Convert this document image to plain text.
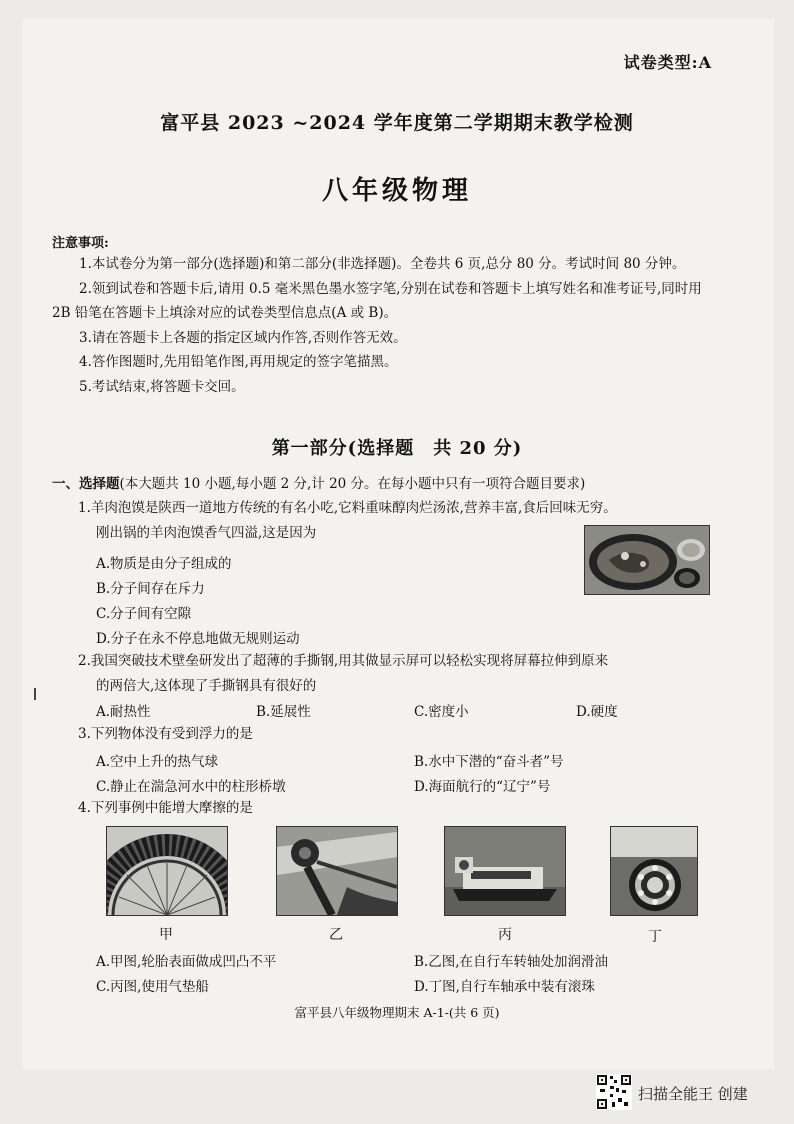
试卷类型:A
富平县 2023 ~2024 学年度第二学期期末教学检测
八年级物理
注意事项:
1.本试卷分为第一部分(选择题)和第二部分(非选择题)。全卷共 6 页,总分 80 分。考试时间 80 分钟。
2.领到试卷和答题卡后,请用 0.5 毫米黑色墨水签字笔,分别在试卷和答题卡上填写姓名和准考证号,同时用 2B 铅笔在答题卡上填涂对应的试卷类型信息点(A 或 B)。
3.请在答题卡上各题的指定区域内作答,否则作答无效。
4.答作图题时,先用铅笔作图,再用规定的签字笔描黑。
5.考试结束,将答题卡交回。
第一部分(选择题　共 20 分)
一、选择题(本大题共 10 小题,每小题 2 分,计 20 分。在每小题中只有一项符合题目要求)
1.羊肉泡馍是陕西一道地方传统的有名小吃,它料重味醇肉烂汤浓,营养丰富,食后回味无穷。
刚出锅的羊肉泡馍香气四溢,这是因为
A.物质是由分子组成的
B.分子间存在斥力
C.分子间有空隙
D.分子在永不停息地做无规则运动
2.我国突破技术壁垒研发出了超薄的手撕钢,用其做显示屏可以轻松实现将屏幕拉伸到原来
的两倍大,这体现了手撕钢具有很好的
A.耐热性	B.延展性	C.密度小	D.硬度
3.下列物体没有受到浮力的是
A.空中上升的热气球	B.水中下潜的“奋斗者”号
C.静止在湍急河水中的柱形桥墩	D.海面航行的“辽宁”号
4.下列事例中能增大摩擦的是
甲	乙	丙	丁
A.甲图,轮胎表面做成凹凸不平	B.乙图,在自行车转轴处加润滑油
C.丙图,使用气垫船	D.丁图,自行车轴承中装有滚珠
富平县八年级物理期末 A-1-(共 6 页)
扫描全能王 创建
